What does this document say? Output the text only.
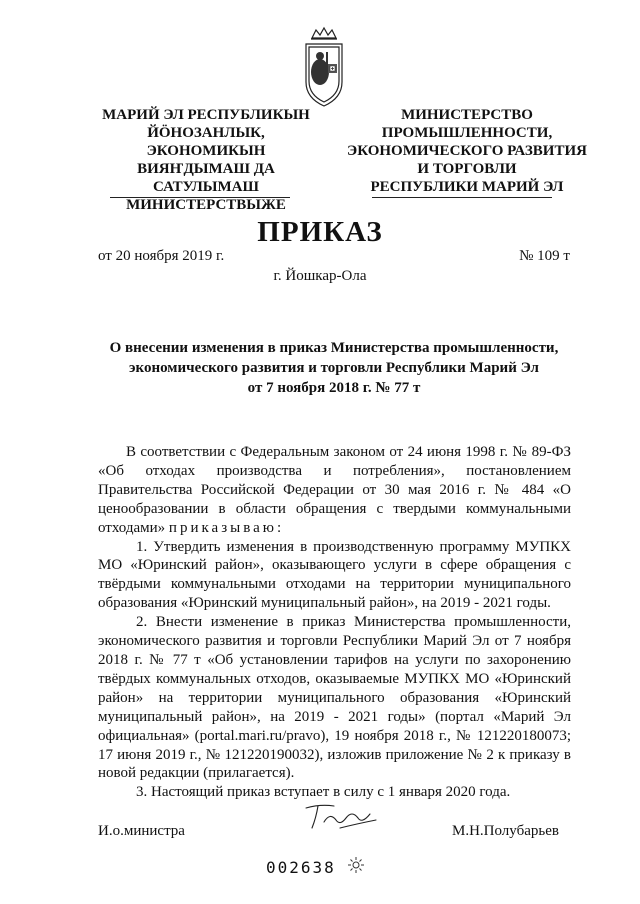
МАРИЙ ЭЛ РЕСПУБЛИКЫН
ЙӦНОЗАНЛЫК, ЭКОНОМИКЫН
ВИЯҤДЫМАШ ДА
САТУЛЫМАШ
МИНИСТЕРСТВЫЖЕ
МИНИСТЕРСТВО
ПРОМЫШЛЕННОСТИ,
ЭКОНОМИЧЕСКОГО РАЗВИТИЯ
И ТОРГОВЛИ
РЕСПУБЛИКИ МАРИЙ ЭЛ
ПРИКАЗ
от 20 ноября 2019 г.	№ 109 т
г. Йошкар-Ола
О внесении изменения в приказ Министерства промышленности,
экономического развития и торговли Республики Марий Эл
от 7 ноября 2018 г. № 77 т

В соответствии с Федеральным законом от 24 июня 1998 г. № 89-ФЗ «Об отходах производства и потребления», постановлением Правительства Российской Федерации от 30 мая 2016 г. № 484 «О ценообразовании в области обращения с твердыми коммунальными отходами» приказываю:

1. Утвердить изменения в производственную программу МУПКХ МО «Юринский район», оказывающего услуги в сфере обращения с твёрдыми коммунальными отходами на территории муниципального образования «Юринский муниципальный район», на 2019 - 2021 годы.

2. Внести изменение в приказ Министерства промышленности, экономического развития и торговли Республики Марий Эл от 7 ноября 2018 г. № 77 т «Об установлении тарифов на услуги по захоронению твёрдых коммунальных отходов, оказываемые МУПКХ МО «Юринский район» на территории муниципального образования «Юринский муниципальный район», на 2019 - 2021 годы» (портал «Марий Эл официальная» (portal.mari.ru/pravo), 19 ноября 2018 г., № 121220180073; 17 июня 2019 г., № 121220190032), изложив приложение № 2 к приказу в новой редакции (прилагается).

3. Настоящий приказ вступает в силу с 1 января 2020 года.

И.о.министра	М.Н.Полубарьев
002638
